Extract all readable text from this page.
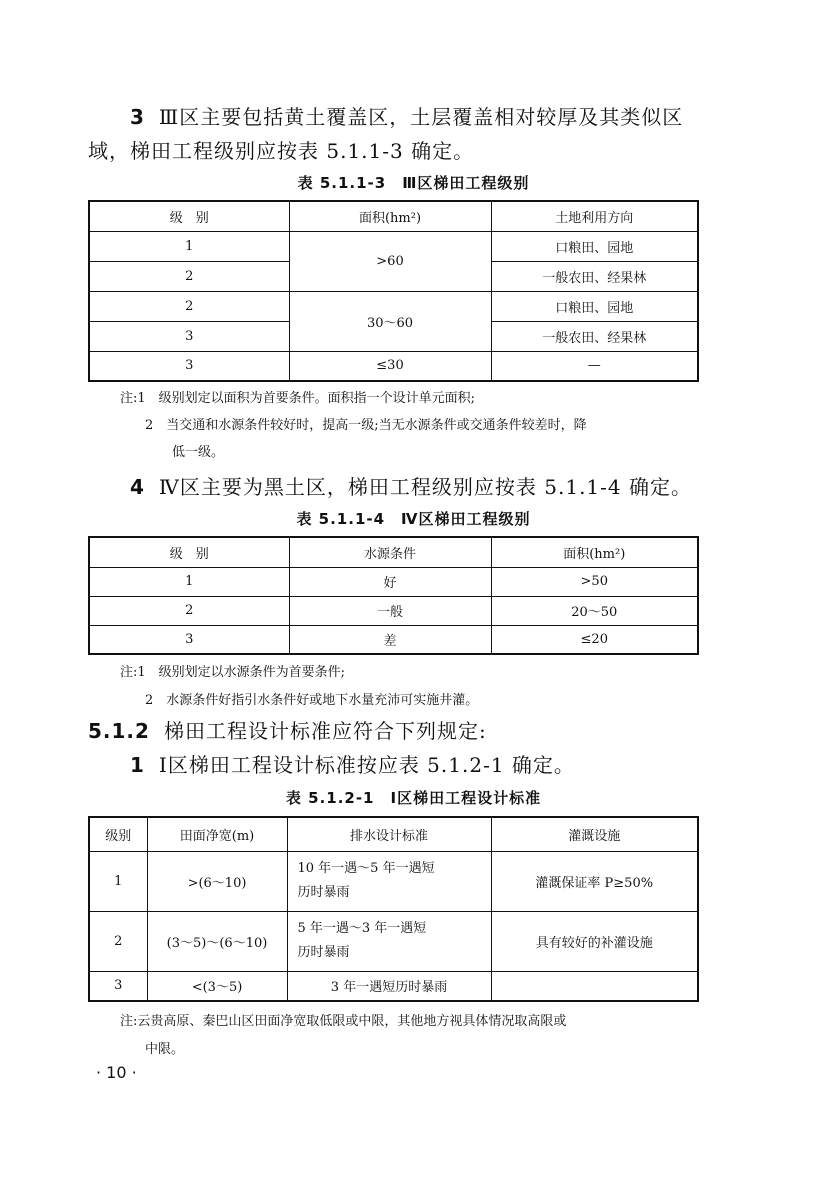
3 Ⅲ区主要包括黄土覆盖区，土层覆盖相对较厚及其类似区

域，梯田工程级别应按表 5.1.1-3 确定。

表 5.1.1-3　Ⅲ区梯田工程级别
级　别	面积(hm²)	土地利用方向
1	>60	口粮田、园地
2		一般农田、经果林
2	30～60	口粮田、园地
3		一般农田、经果林
3	≤30	—

注:1　级别划定以面积为首要条件。面积指一个设计单元面积;

2　当交通和水源条件较好时，提高一级;当无水源条件或交通条件较差时，降

低一级。

4 Ⅳ区主要为黑土区，梯田工程级别应按表 5.1.1-4 确定。

表 5.1.1-4　Ⅳ区梯田工程级别
级　别	水源条件	面积(hm²)
1	好	>50
2	一般	20～50
3	差	≤20

注:1　级别划定以水源条件为首要条件;

2　水源条件好指引水条件好或地下水量充沛可实施井灌。

5.1.2 梯田工程设计标准应符合下列规定:

1 Ⅰ区梯田工程设计标准按应表 5.1.2-1 确定。

表 5.1.2-1　Ⅰ区梯田工程设计标准
级别	田面净宽(m)	排水设计标准	灌溉设施
1	>(6～10)	10 年一遇～5 年一遇短
历时暴雨	灌溉保证率 P≥50%
2	(3～5)～(6～10)	5 年一遇～3 年一遇短
历时暴雨	具有较好的补灌设施
3	<(3～5)	3 年一遇短历时暴雨	

注:云贵高原、秦巴山区田面净宽取低限或中限，其他地方视具体情况取高限或

中限。

· 10 ·
